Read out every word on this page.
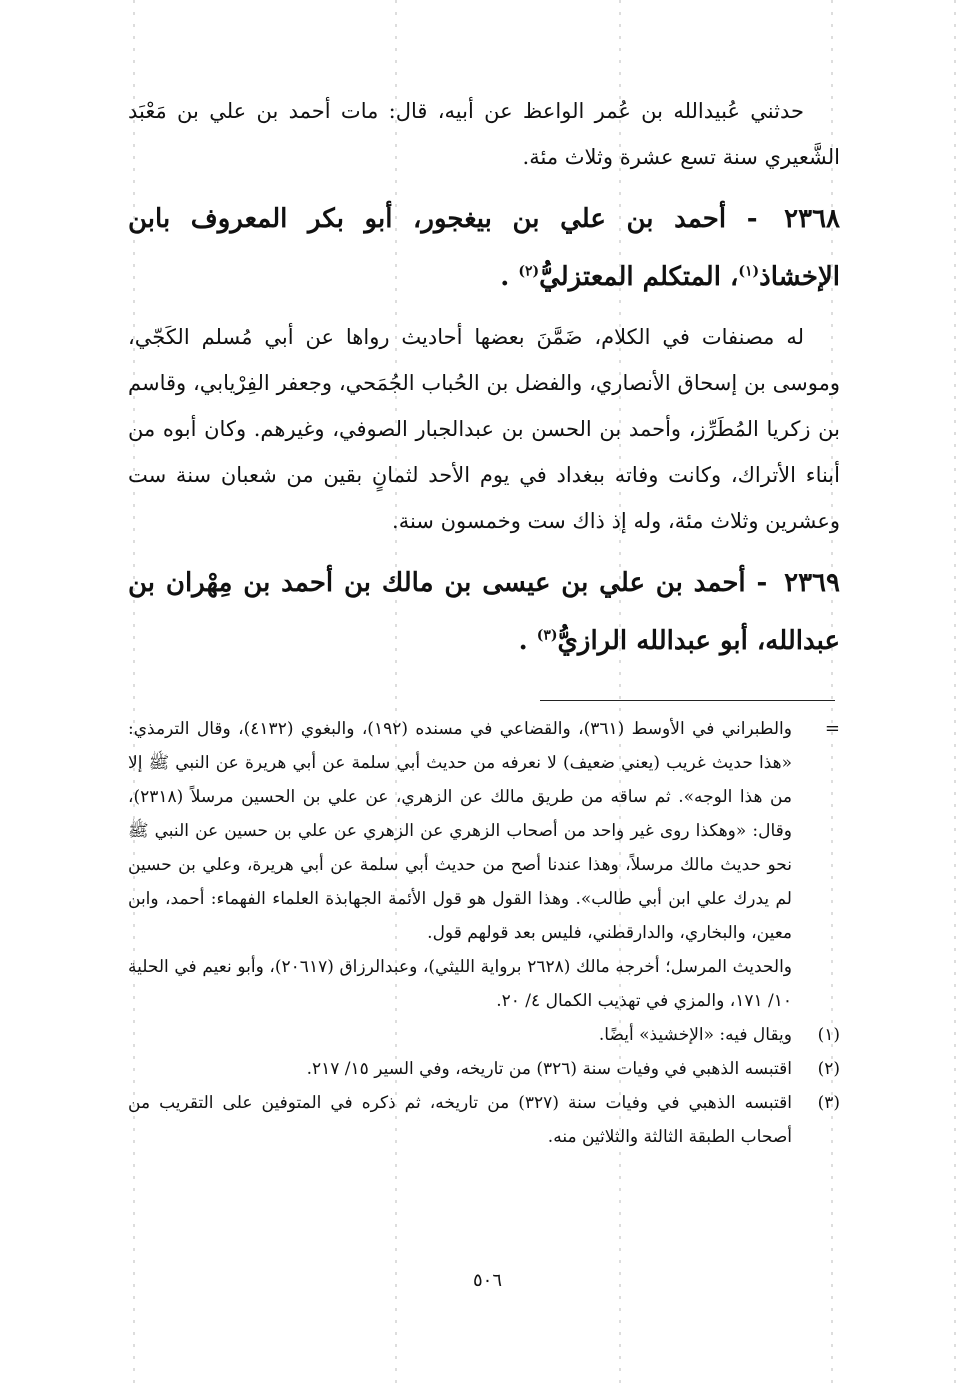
حدثني عُبيدالله بن عُمر الواعظ عن أبيه، قال: مات أحمد بن علي بن مَعْبَد الشَّعيري سنة تسع عشرة وثلاث مئة.

٢٣٦٨ - أحمد بن علي بن بيغجور، أبو بكر المعروف بابن الإخشاذ$^{(١)}$، المتكلم المعتزليُّ$^{(٢)}$ .

له مصنفات في الكلام، ضَمَّنَ بعضها أحاديث رواها عن أبي مُسلم الكَجّي، وموسى بن إسحاق الأنصاري، والفضل بن الحُباب الجُمَحي، وجعفر الفِرْيابي، وقاسم بن زكريا المُطَرِّز، وأحمد بن الحسن بن عبدالجبار الصوفي، وغيرهم. وكان أبوه من أبناء الأتراك، وكانت وفاته ببغداد في يوم الأحد لثمانٍ بقين من شعبان سنة ست وعشرين وثلاث مئة، وله إذ ذاك ست وخمسون سنة.

٢٣٦٩ - أحمد بن علي بن عيسى بن مالك بن أحمد بن مِهْران بن عبدالله، أبو عبدالله الرازيُّ$^{(٣)}$ .
=

والطبراني في الأوسط (٣٦١)، والقضاعي في مسنده (١٩٢)، والبغوي (٤١٣٢)، وقال الترمذي: «هذا حديث غريب (يعني ضعيف) لا نعرفه من حديث أبي سلمة عن أبي هريرة عن النبي ﷺ إلا من هذا الوجه». ثم ساقه من طريق مالك عن الزهري، عن علي بن الحسين مرسلاً (٢٣١٨)، وقال: «وهكذا روى غير واحد من أصحاب الزهري عن الزهري عن علي بن حسين عن النبي ﷺ نحو حديث مالك مرسلاً، وهذا عندنا أصح من حديث أبي سلمة عن أبي هريرة، وعلي بن حسين لم يدرك علي ابن أبي طالب». وهذا القول هو قول الأئمة الجهابذة العلماء الفهماء: أحمد، وابن معين، والبخاري، والدارقطني، فليس بعد قولهم قول.

والحديث المرسل؛ أخرجه مالك (٢٦٢٨ برواية الليثي)، وعبدالرزاق (٢٠٦١٧)، وأبو نعيم في الحلية ١٠/ ١٧١، والمزي في تهذيب الكمال ٤/ ٢٠.

(١)
ويقال فيه: «الإخشيذ» أيضًا.
(٢)
اقتبسه الذهبي في وفيات سنة (٣٢٦) من تاريخه، وفي السير ١٥/ ٢١٧.
(٣)
اقتبسه الذهبي في وفيات سنة (٣٢٧) من تاريخه، ثم ذكره في المتوفين على التقريب من أصحاب الطبقة الثالثة والثلاثين منه.
٥٠٦
